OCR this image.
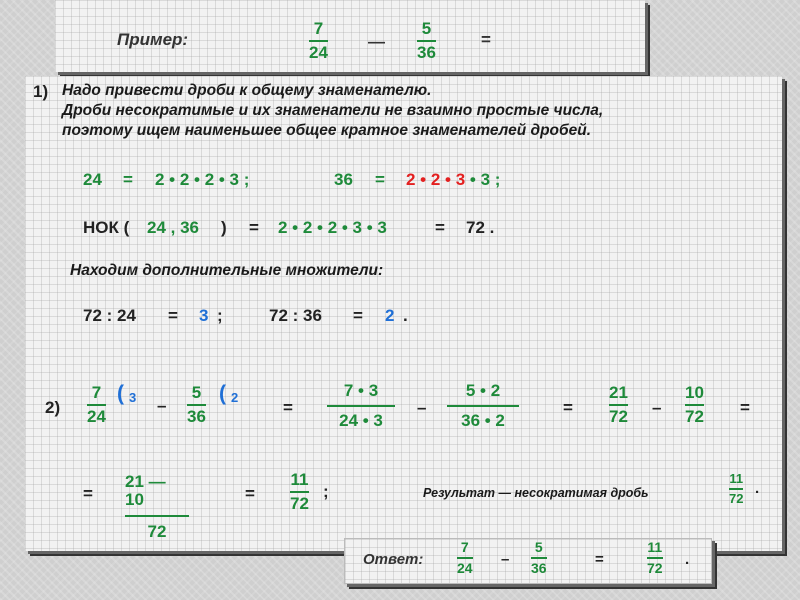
Пример:
7
24
—
5
36
=
1) Надо привести дроби к общему знаменателю.
Дроби несократимые и их знаменатели не взаимно простые числа,
поэтому ищем наименьшее общее кратное знаменателей дробей.
24 = 2 • 2 • 2 • 3 ;	36 = 2 • 2 • 3 • 3 ;
НОК ( 24 , 36 ) = 2 • 2 • 2 • 3 • 3	= 72 .
Находим дополнительные множители:
72 : 24 = 3 ;	72 : 36 = 2 .
2)
7
24
( 3 –
5
36
( 2
=
7 • 3
24 • 3
–
5 • 2
36 • 2
=
21
72 –
10
72 =
=
21 — 10
72
=
11
72
;	Результат — несократимая дробь
11
72
.
Ответ:
7
24 –
5
36	=
11
72 .
